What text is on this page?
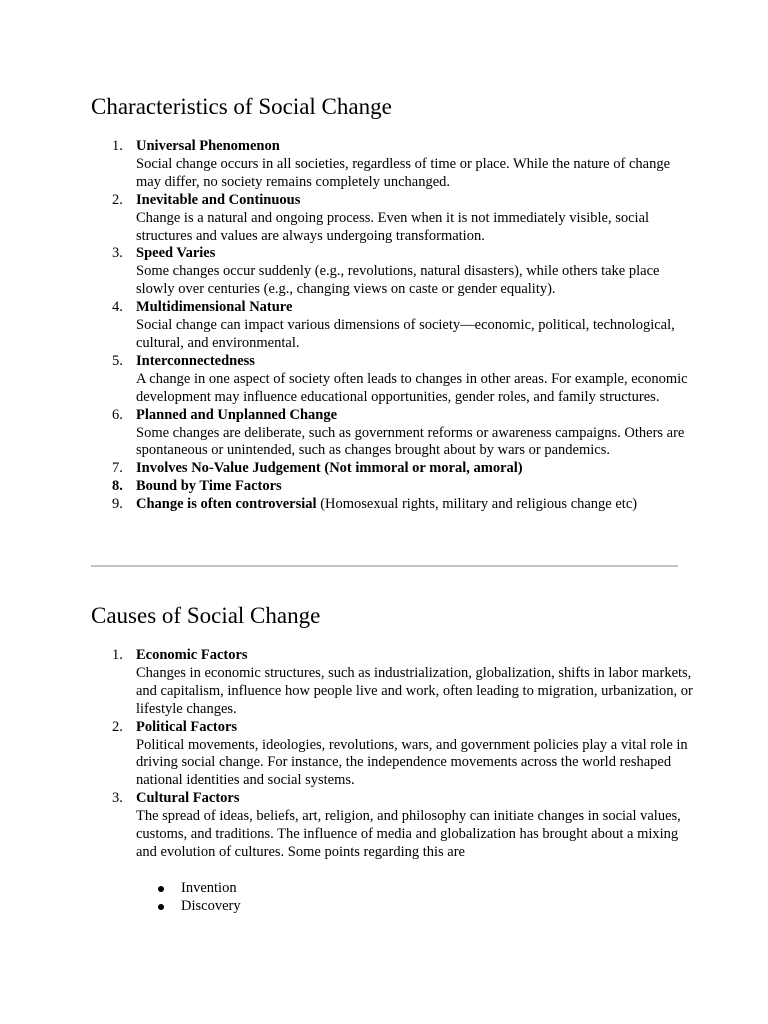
Characteristics of Social Change
1. Universal Phenomenon
Social change occurs in all societies, regardless of time or place. While the nature of change may differ, no society remains completely unchanged.
2. Inevitable and Continuous
Change is a natural and ongoing process. Even when it is not immediately visible, social structures and values are always undergoing transformation.
3. Speed Varies
Some changes occur suddenly (e.g., revolutions, natural disasters), while others take place slowly over centuries (e.g., changing views on caste or gender equality).
4. Multidimensional Nature
Social change can impact various dimensions of society—economic, political, technological, cultural, and environmental.
5. Interconnectedness
A change in one aspect of society often leads to changes in other areas. For example, economic development may influence educational opportunities, gender roles, and family structures.
6. Planned and Unplanned Change
Some changes are deliberate, such as government reforms or awareness campaigns. Others are spontaneous or unintended, such as changes brought about by wars or pandemics.
7. Involves No-Value Judgement (Not immoral or moral, amoral)
8. Bound by Time Factors
9. Change is often controversial (Homosexual rights, military and religious change etc)
Causes of Social Change
1. Economic Factors
Changes in economic structures, such as industrialization, globalization, shifts in labor markets, and capitalism, influence how people live and work, often leading to migration, urbanization, or lifestyle changes.
2. Political Factors
Political movements, ideologies, revolutions, wars, and government policies play a vital role in driving social change. For instance, the independence movements across the world reshaped national identities and social systems.
3. Cultural Factors
The spread of ideas, beliefs, art, religion, and philosophy can initiate changes in social values, customs, and traditions. The influence of media and globalization has brought about a mixing and evolution of cultures. Some points regarding this are
Invention
Discovery
